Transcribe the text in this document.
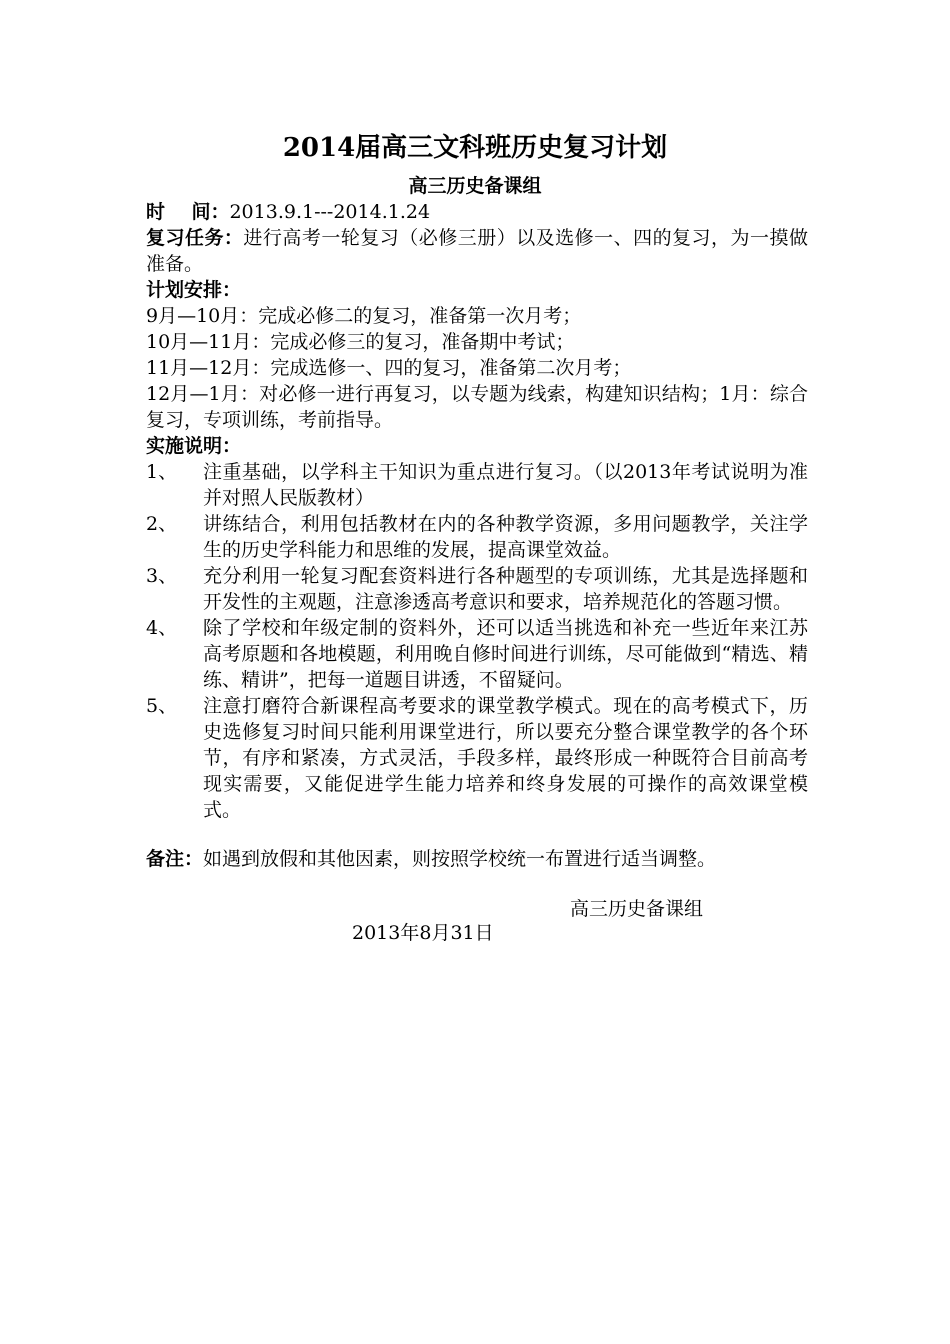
2014届高三文科班历史复习计划
高三历史备课组
时    间：2013.9.1---2014.1.24
复习任务：进行高考一轮复习（必修三册）以及选修一、四的复习，为一摸做准备。
计划安排：
9月—10月：完成必修二的复习，准备第一次月考；
10月—11月：完成必修三的复习，准备期中考试；
11月—12月：完成选修一、四的复习，准备第二次月考；
12月—1月：对必修一进行再复习，以专题为线索，构建知识结构；1月：综合复习，专项训练，考前指导。
实施说明：
1、 注重基础，以学科主干知识为重点进行复习。（以2013年考试说明为准并对照人民版教材）
2、 讲练结合，利用包括教材在内的各种教学资源，多用问题教学，关注学生的历史学科能力和思维的发展，提高课堂效益。
3、 充分利用一轮复习配套资料进行各种题型的专项训练，尤其是选择题和开发性的主观题，注意渗透高考意识和要求，培养规范化的答题习惯。
4、 除了学校和年级定制的资料外，还可以适当挑选和补充一些近年来江苏高考原题和各地模题，利用晚自修时间进行训练，尽可能做到“精选、精练、精讲”，把每一道题目讲透，不留疑问。
5、 注意打磨符合新课程高考要求的课堂教学模式。现在的高考模式下，历史选修复习时间只能利用课堂进行，所以要充分整合课堂教学的各个环节，有序和紧凑，方式灵活，手段多样，最终形成一种既符合目前高考现实需要，又能促进学生能力培养和终身发展的可操作的高效课堂模式。
备注：如遇到放假和其他因素，则按照学校统一布置进行适当调整。
高三历史备课组
2013年8月31日
